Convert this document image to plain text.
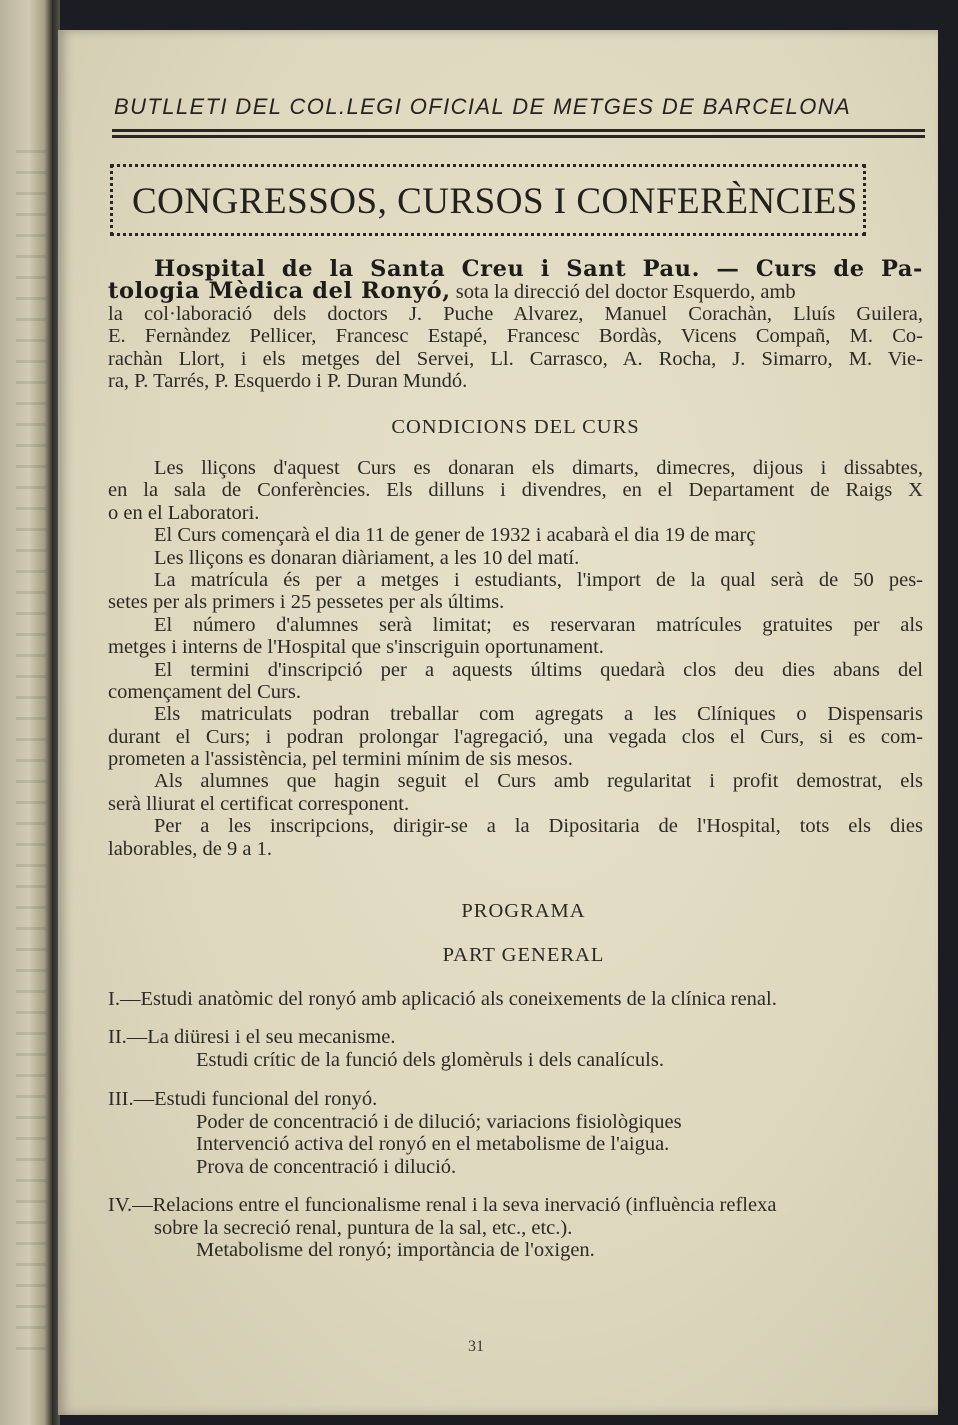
BUTLLETI DEL COL.LEGI OFICIAL DE METGES DE BARCELONA
CONGRESSOS, CURSOS I CONFERÈNCIES
Hospital de la Santa Creu i Sant Pau. — Curs de Pa-
tologia Mèdica del Ronyó, sota la direcció del doctor Esquerdo, amb
la col·laboració dels doctors J. Puche Alvarez, Manuel Corachàn, Lluís Guilera,
E. Fernàndez Pellicer, Francesc Estapé, Francesc Bordàs, Vicens Compañ, M. Co-
rachàn Llort, i els metges del Servei, Ll. Carrasco, A. Rocha, J. Simarro, M. Vie-
ra, P. Tarrés, P. Esquerdo i P. Duran Mundó.
CONDICIONS DEL CURS
Les lliçons d'aquest Curs es donaran els dimarts, dimecres, dijous i dissabtes,
en la sala de Conferències. Els dilluns i divendres, en el Departament de Raigs X
o en el Laboratori.
El Curs començarà el dia 11 de gener de 1932 i acabarà el dia 19 de març
Les lliçons es donaran diàriament, a les 10 del matí.
La matrícula és per a metges i estudiants, l'import de la qual serà de 50 pes-
setes per als primers i 25 pessetes per als últims.
El número d'alumnes serà limitat; es reservaran matrícules gratuites per als
metges i interns de l'Hospital que s'inscriguin oportunament.
El termini d'inscripció per a aquests últims quedarà clos deu dies abans del
començament del Curs.
Els matriculats podran treballar com agregats a les Clíniques o Dispensaris
durant el Curs; i podran prolongar l'agregació, una vegada clos el Curs, si es com-
prometen a l'assistència, pel termini mínim de sis mesos.
Als alumnes que hagin seguit el Curs amb regularitat i profit demostrat, els
serà lliurat el certificat corresponent.
Per a les inscripcions, dirigir-se a la Dipositaria de l'Hospital, tots els dies
laborables, de 9 a 1.
PROGRAMA
PART GENERAL
I.—Estudi anatòmic del ronyó amb aplicació als coneixements de la clínica renal.
II.—La diüresi i el seu mecanisme.
Estudi crític de la funció dels glomèruls i dels canalículs.
III.—Estudi funcional del ronyó.
Poder de concentració i de dilució; variacions fisiològiques
Intervenció activa del ronyó en el metabolisme de l'aigua.
Prova de concentració i dilució.
IV.—Relacions entre el funcionalisme renal i la seva inervació (influència reflexa
sobre la secreció renal, puntura de la sal, etc., etc.).
Metabolisme del ronyó; importància de l'oxigen.
31
